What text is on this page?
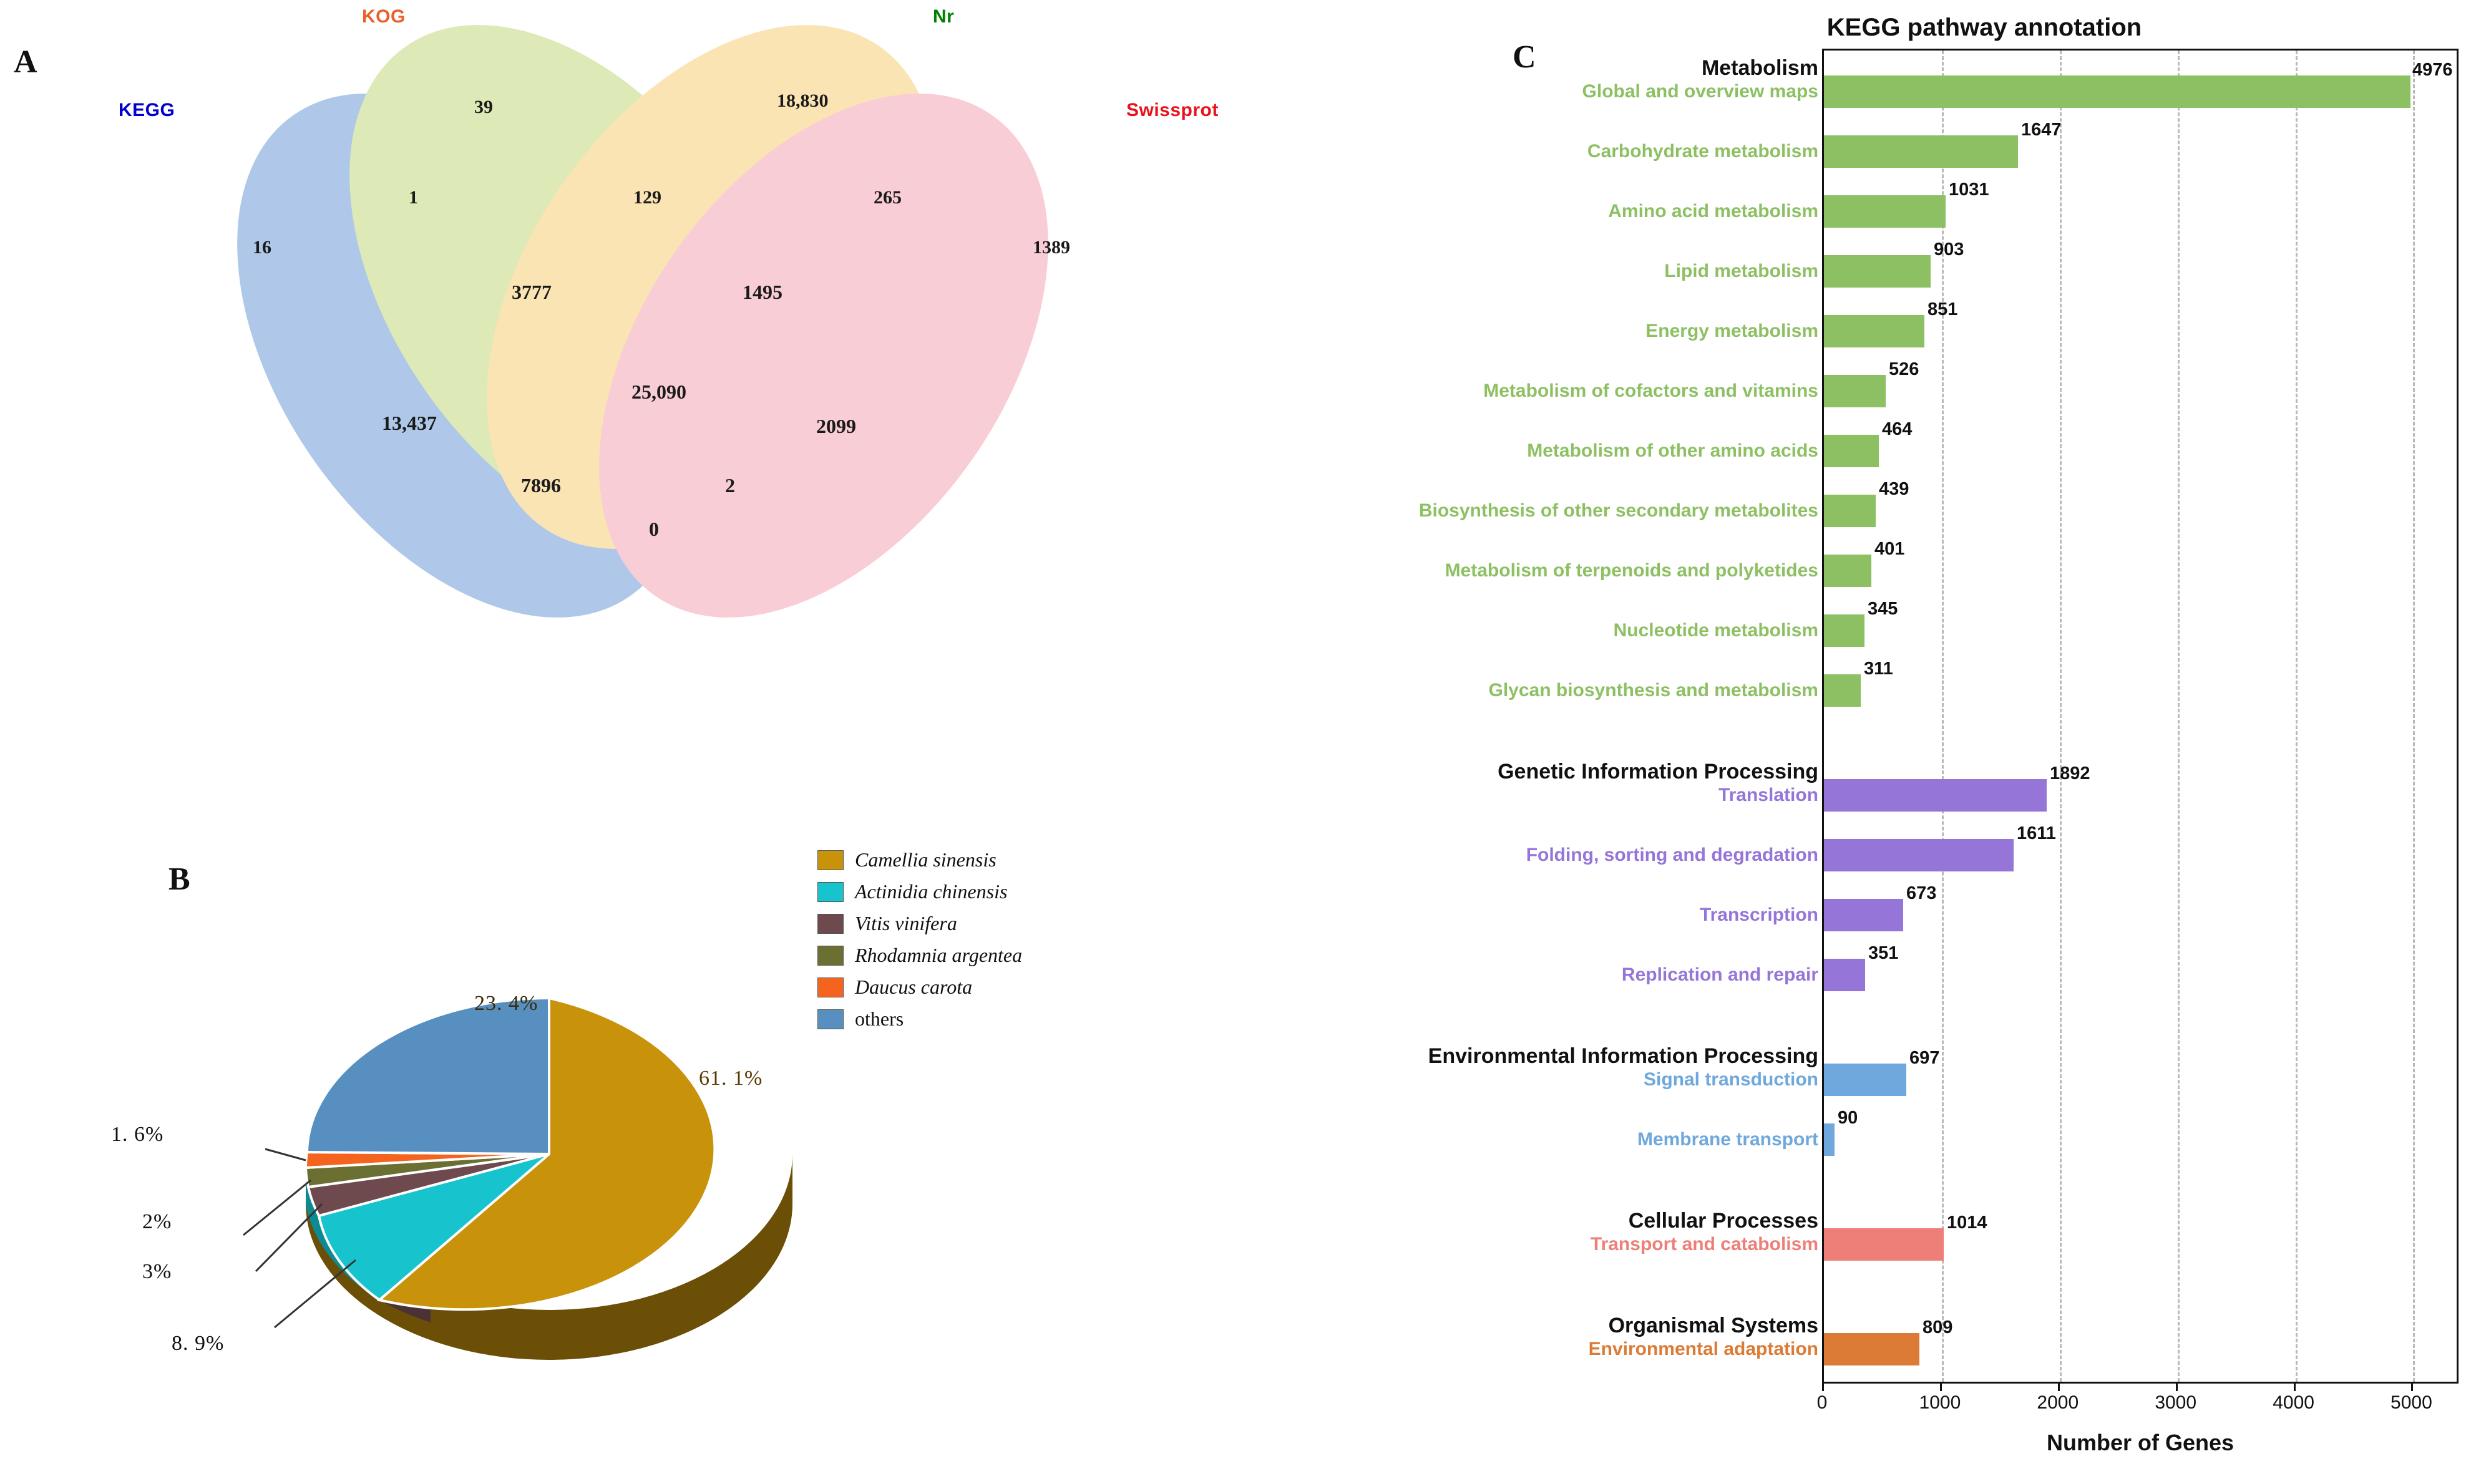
A
KEGG
KOG	Nr
Swissprot
16
39	18,830
1389
1	129	265
3777	1495
13,437
25,090
2099
7896	2
0
B
Camellia sinensis
Actinidia chinensis
Vitis vinifera
Rhodamnia argentea
Daucus carota
others
23. 4%
61. 1%
1. 6%
2%
3%
8. 9%
C
KEGG pathway annotation
4976
1647
1031
903
851
526
464
439
401
345
311
1892
1611
673
351
697
90
1014
809
Metabolism
Genetic Information Processing
Environmental Information Processing
Cellular Processes
Organismal Systems
Global and overview maps
Carbohydrate metabolism
Amino acid metabolism
Lipid metabolism
Energy metabolism
Metabolism of cofactors and vitamins
Metabolism of other amino acids
Biosynthesis of other secondary metabolites
Metabolism of terpenoids and polyketides
Nucleotide metabolism
Glycan biosynthesis and metabolism
Translation
Folding, sorting and degradation
Transcription
Replication and repair
Signal transduction
Membrane transport
Transport and catabolism
Environmental adaptation
0	1000	2000	3000	4000	5000
Number of Genes
